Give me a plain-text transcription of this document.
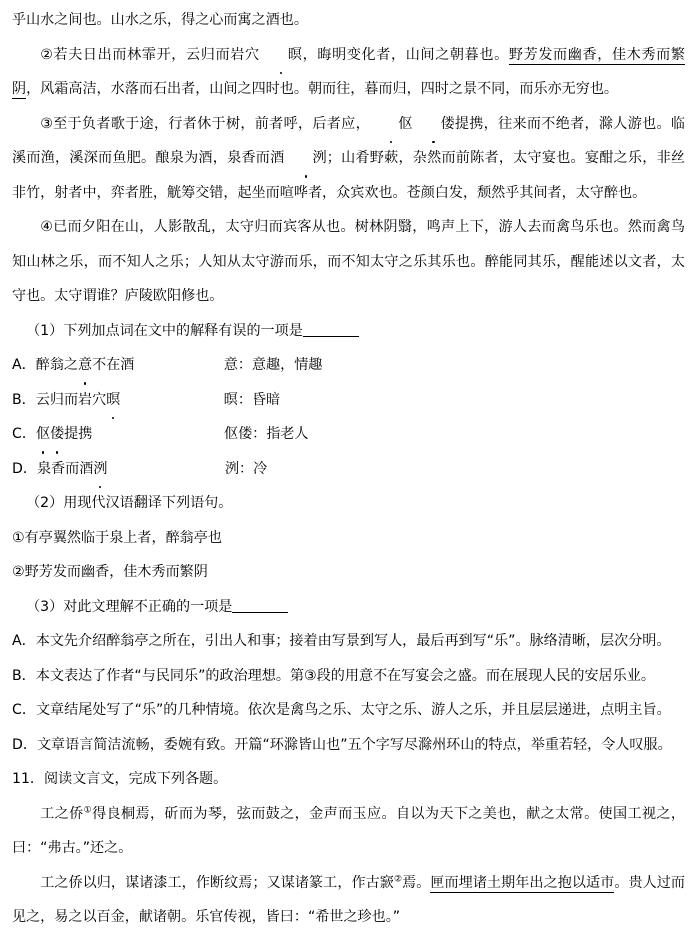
乎山水之间也。山水之乐，得之心而寓之酒也。

②若夫日出而林霏开，云归而岩穴 暝，晦明变化者，山间之朝暮也。野芳发而幽香，佳木秀而繁阴，风霜高洁，水落而石出者，山间之四时也。朝而往，暮而归，四时之景不同，而乐亦无穷也。

③至于负者歌于途，行者休于树，前者呼，后者应， 伛 偻提携，往来而不绝者，滁人游也。临溪而渔，溪深而鱼肥。酿泉为酒，泉香而酒 洌；山肴野蔌，杂然而前陈者，太守宴也。宴酣之乐，非丝非竹，射者中，弈者胜，觥筹交错，起坐而喧哗者，众宾欢也。苍颜白发，颓然乎其间者，太守醉也。

④已而夕阳在山，人影散乱，太守归而宾客从也。树林阴翳，鸣声上下，游人去而禽鸟乐也。然而禽鸟知山林之乐，而不知人之乐；人知从太守游而乐，而不知太守之乐其乐也。醉能同其乐，醒能述以文者，太守也。太守谓谁？庐陵欧阳修也。

（1）下列加点词在文中的解释有误的一项是

A． 醉翁之意不在酒	意：意趣，情趣
B． 云归而岩穴暝	暝：昏暗
C． 伛偻提携	伛偻：指老人
D． 泉香而酒洌	洌：冷

（2）用现代汉语翻译下列语句。

①有亭翼然临于泉上者，醉翁亭也

②野芳发而幽香，佳木秀而繁阴

（3）对此文理解不正确的一项是

A．本文先介绍醉翁亭之所在，引出人和事；接着由写景到写人，最后再到写“乐”。脉络清晰，层次分明。

B．本文表达了作者“与民同乐”的政治理想。第③段的用意不在写宴会之盛。而在展现人民的安居乐业。

C．文章结尾处写了“乐”的几种情境。依次是禽鸟之乐、太守之乐、游人之乐，并且层层递进，点明主旨。

D．文章语言简洁流畅，委婉有致。开篇“环滁皆山也”五个字写尽滁州环山的特点，举重若轻，令人叹服。

11．阅读文言文，完成下列各题。

工之侨①得良桐焉，斫而为琴，弦而鼓之，金声而玉应。自以为天下之美也，献之太常。使国工视之，曰：“弗古。”还之。

工之侨以归，谋诸漆工，作断纹焉；又谋诸篆工，作古窾②焉。匣而埋诸土期年出之抱以适市。贵人过而见之，易之以百金，献诸朝。乐官传视，皆曰：“希世之珍也。”
